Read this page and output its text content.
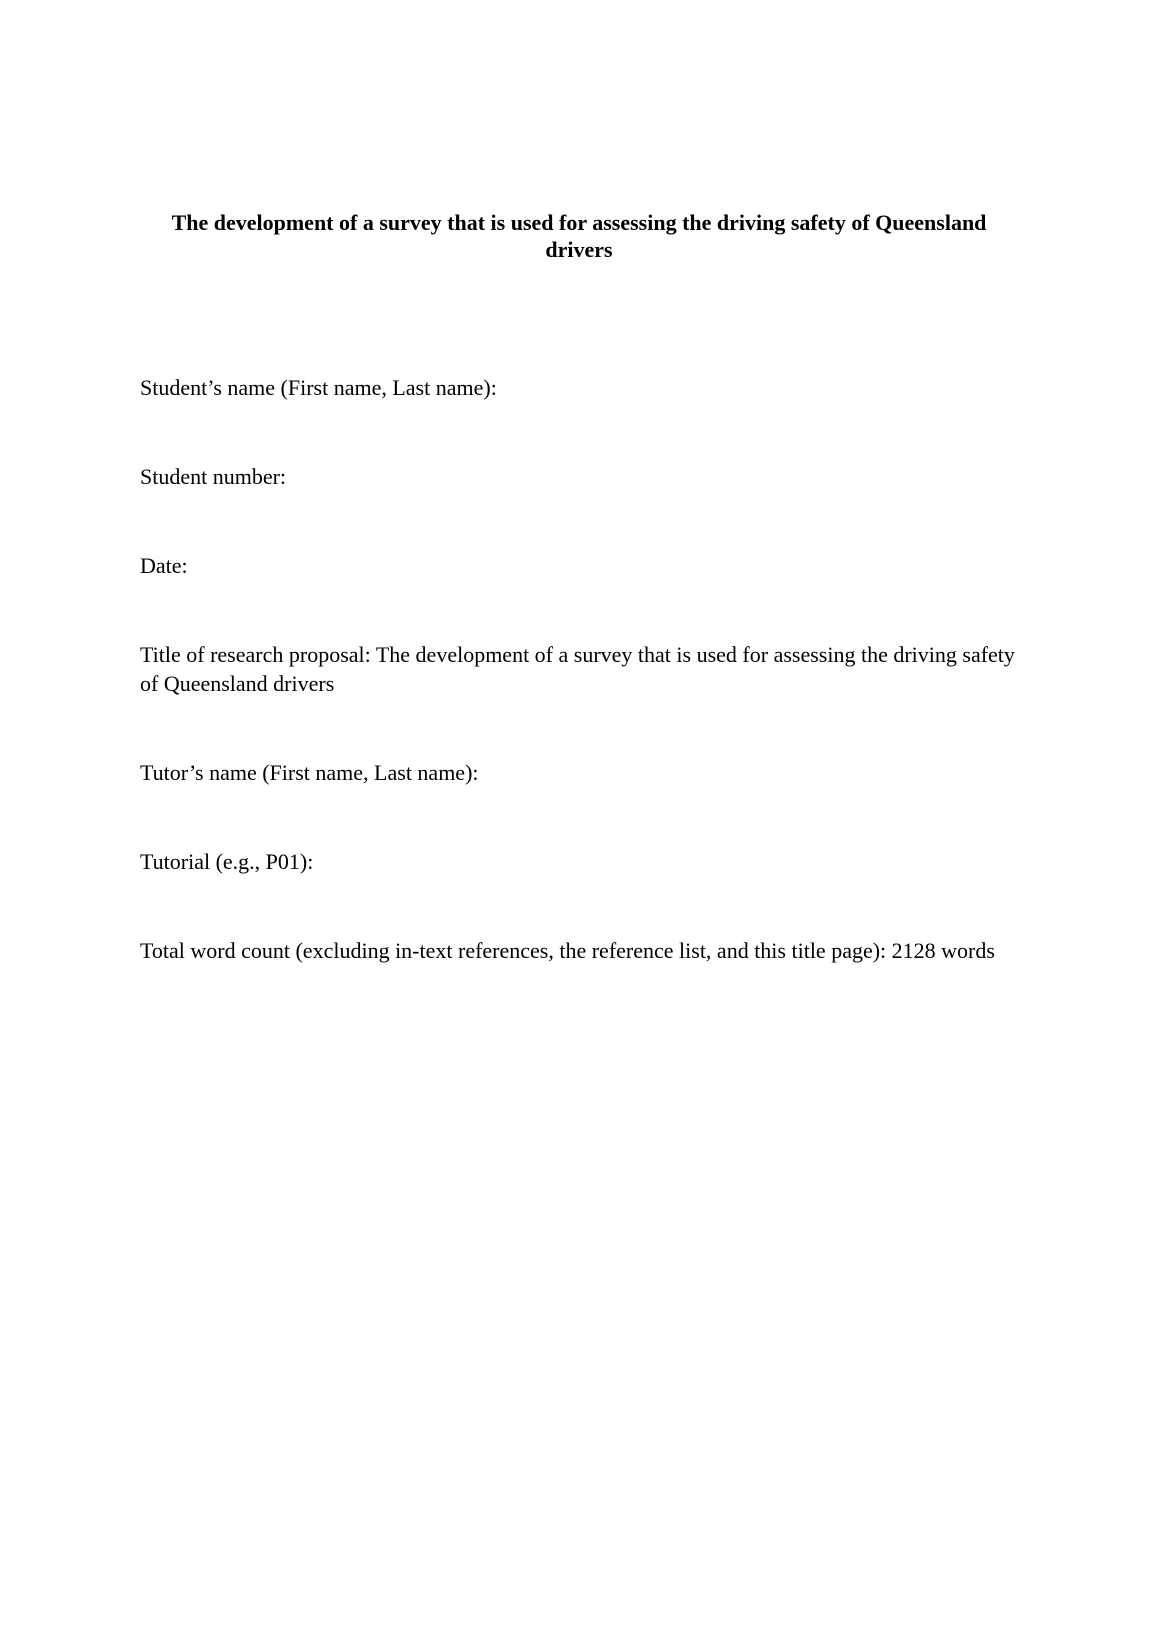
The development of a survey that is used for assessing the driving safety of Queensland drivers

Student’s name (First name, Last name):

Student number:

Date:

Title of research proposal: The development of a survey that is used for assessing the driving safety of Queensland drivers

Tutor’s name (First name, Last name):

Tutorial (e.g., P01):

Total word count (excluding in-text references, the reference list, and this title page): 2128 words
